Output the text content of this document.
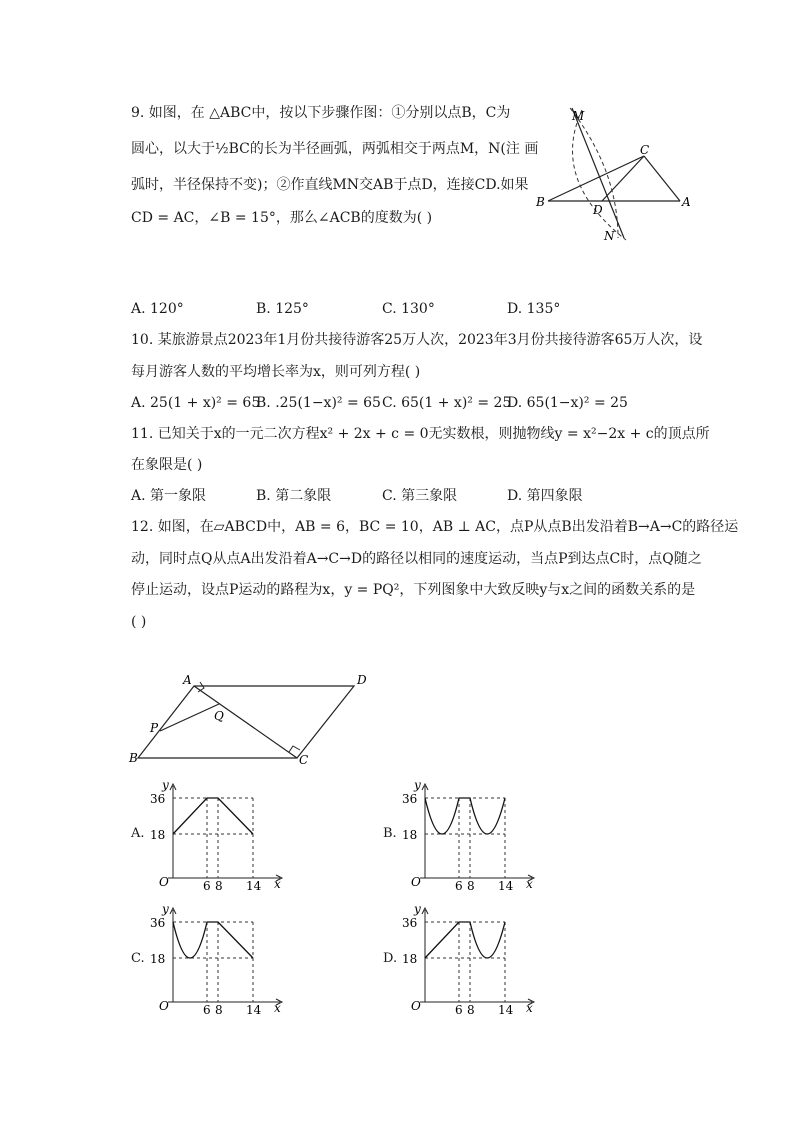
9. 如图，在 △ABC中，按以下步骤作图：①分别以点B，C为
圆心，以大于½BC的长为半径画弧，两弧相交于两点M，N(注 画
弧时，半径保持不变)；②作直线MN交AB于点D，连接CD.如果
CD = AC，∠B = 15°，那么∠ACB的度数为( )
M
C
B
D
A
N
A. 120°	B. 125°	C. 130°	D. 135°
10. 某旅游景点2023年1月份共接待游客25万人次，2023年3月份共接待游客65万人次，设
每月游客人数的平均增长率为x，则可列方程( )
A. 25(1 + x)² = 65
B. .25(1−x)² = 65 C. 65(1 + x)² = 25
D. 65(1−x)² = 25
11. 已知关于x的一元二次方程x² + 2x + c = 0无实数根，则抛物线y = x²−2x + c的顶点所
在象限是( )
A. 第一象限	B. 第二象限	C. 第三象限	D. 第四象限
12. 如图，在▱ABCD中，AB = 6，BC = 10，AB ⊥ AC，点P从点B出发沿着B→A→C的路径运
动，同时点Q从点A出发沿着A→C→D的路径以相同的速度运动，当点P到达点C时，点Q随之
停止运动，设点P运动的路程为x，y = PQ²，下列图象中大致反映y与x之间的函数关系的是
( )
A	D
Q
P
B	C
A.	B.
C.	D.
y
x
36
18
O	6 8 14
y
x
36
18
O	6 8 14
y
x
36
18
O	6 8 14
y
x
36
18
O	6 8 14
